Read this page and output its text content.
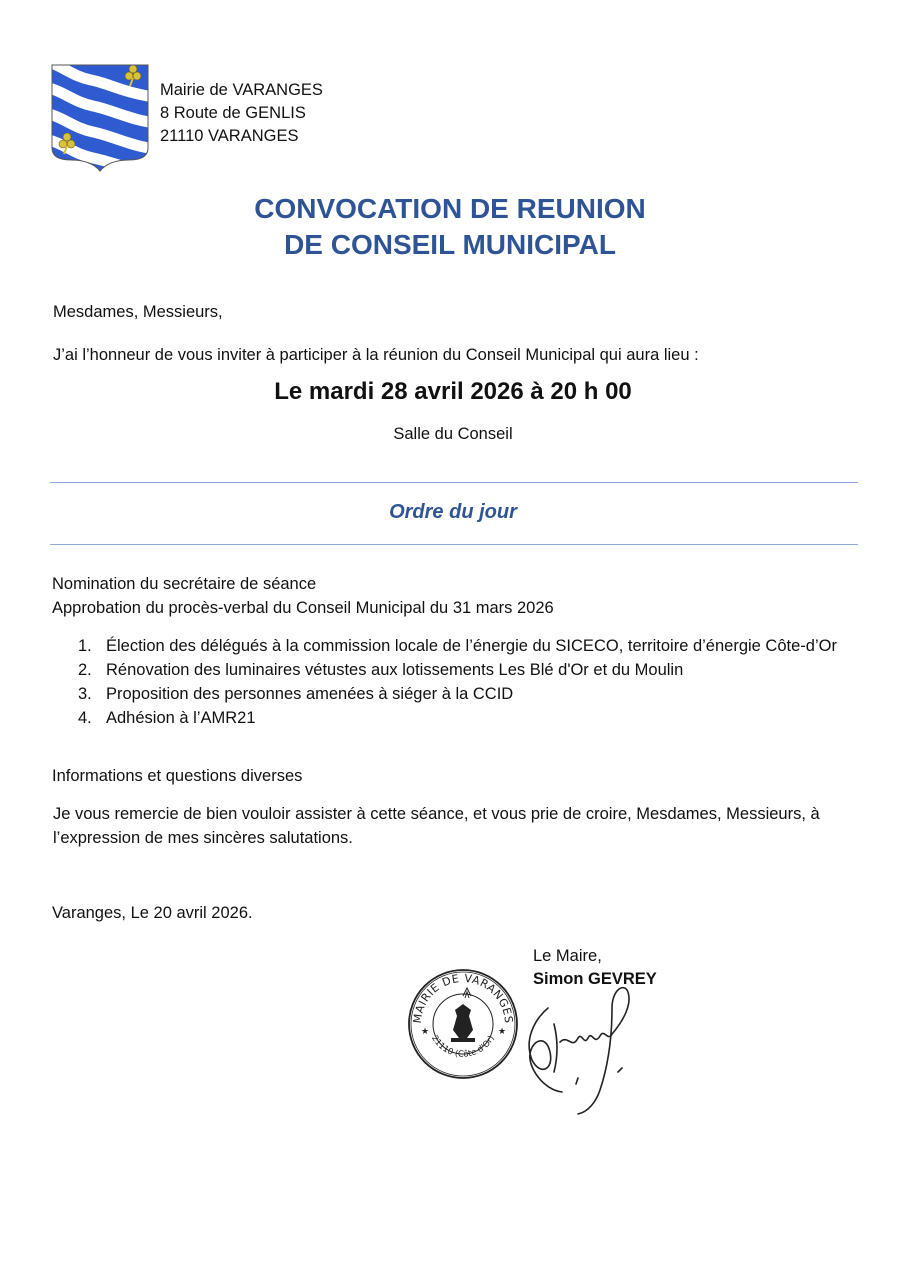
Mairie de VARANGES
8 Route de GENLIS
21110 VARANGES
CONVOCATION DE REUNION
DE CONSEIL MUNICIPAL
Mesdames, Messieurs,
J’ai l’honneur de vous inviter à participer à la réunion du Conseil Municipal qui aura lieu :
Le mardi 28 avril 2026 à 20 h 00
Salle du Conseil
Ordre du jour
Nomination du secrétaire de séance
Approbation du procès-verbal du Conseil Municipal du 31 mars 2026
1. Élection des délégués à la commission locale de l’énergie du SICECO, territoire d’énergie Côte-d’Or
2. Rénovation des luminaires vétustes aux lotissements Les Blé d'Or et du Moulin
3. Proposition des personnes amenées à siéger à la CCID
4. Adhésion à l’AMR21
Informations et questions diverses
Je vous remercie de bien vouloir assister à cette séance, et vous prie de croire, Mesdames, Messieurs, à l’expression de mes sincères salutations.
Varanges, Le 20 avril 2026.
Le Maire,
Simon GEVREY
MAIRIE DE VARANGES
21110 (Côte d'Or)
★	★
